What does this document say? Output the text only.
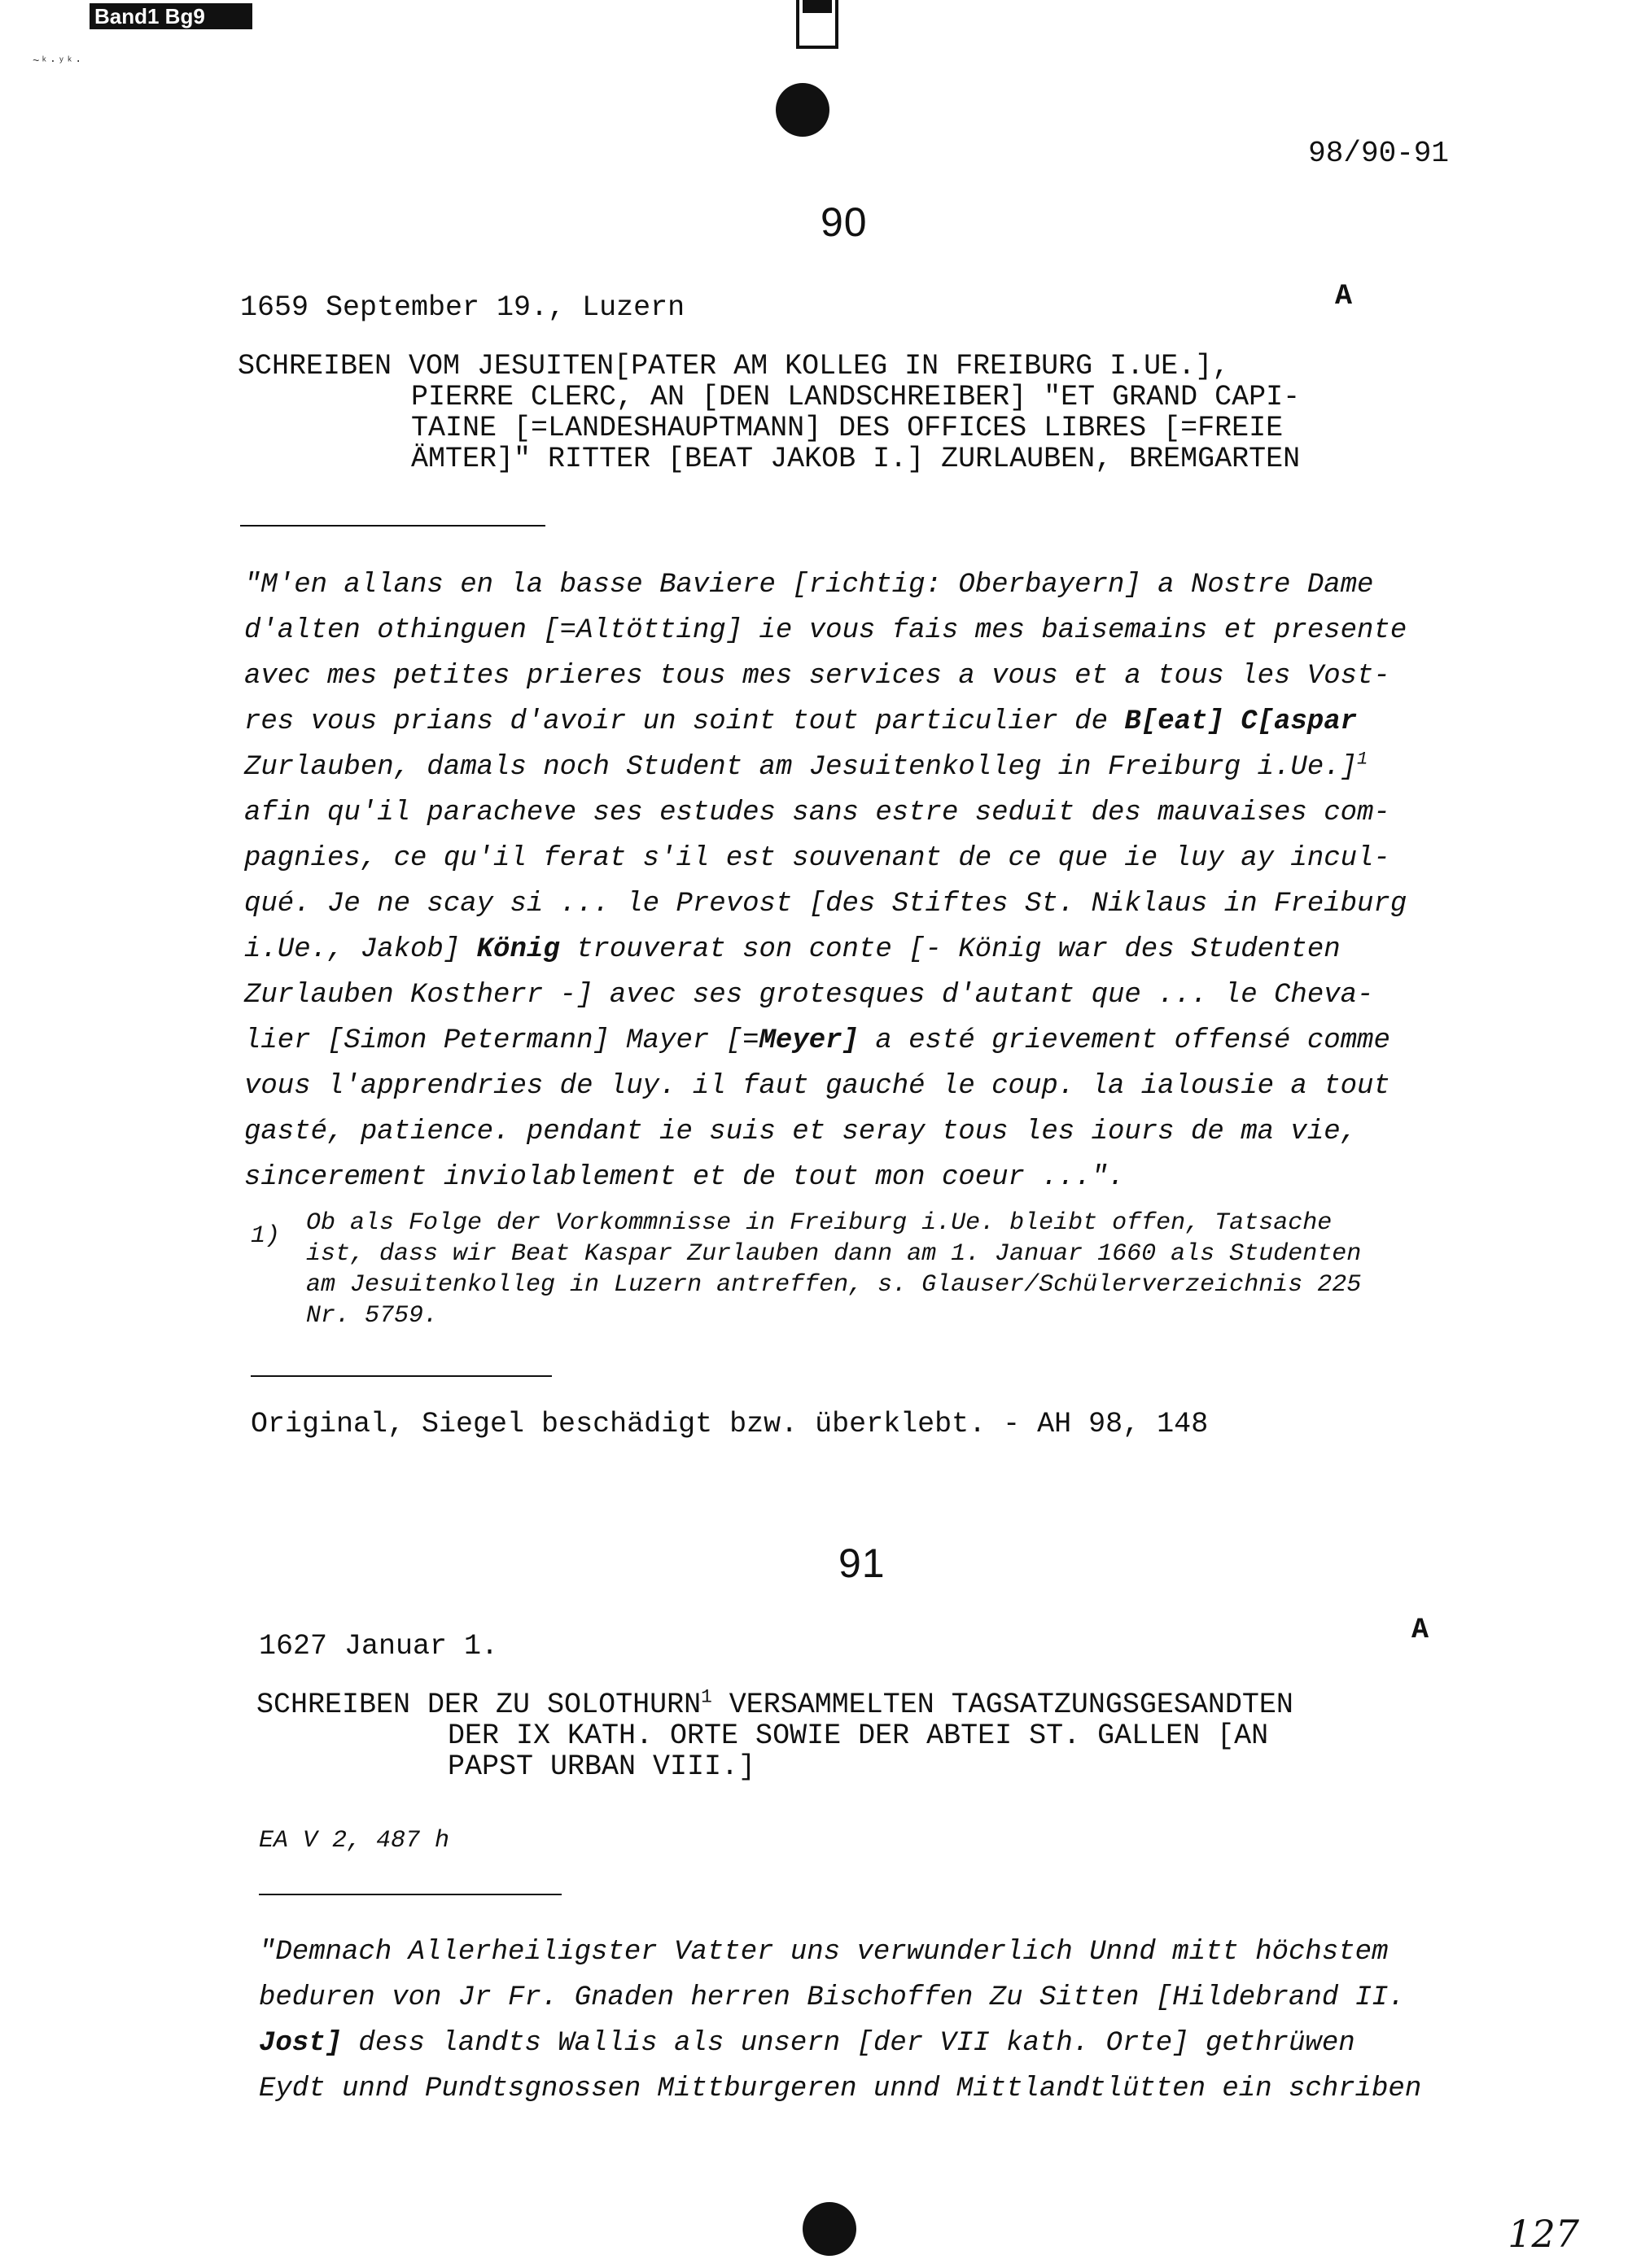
Band1 Bg9
~ᵏ·ʸᵏ·
98/90-91
90
1659 September 19., Luzern	A
SCHREIBEN VOM JESUITEN[PATER AM KOLLEG IN FREIBURG I.UE.],
PIERRE CLERC, AN [DEN LANDSCHREIBER] "ET GRAND CAPI-
TAINE [=LANDESHAUPTMANN] DES OFFICES LIBRES [=FREIE
ÄMTER]" RITTER [BEAT JAKOB I.] ZURLAUBEN, BREMGARTEN
"M'en allans en la basse Baviere [richtig: Oberbayern] a Nostre Dame
d'alten othinguen [=Altötting] ie vous fais mes baisemains et presente
avec mes petites prieres tous mes services a vous et a tous les Vost-
res vous prians d'avoir un soint tout particulier de B[eat] C[aspar
Zurlauben, damals noch Student am Jesuitenkolleg in Freiburg i.Ue.]$^1$
afin qu'il paracheve ses estudes sans estre seduit des mauvaises com-
pagnies, ce qu'il ferat s'il est souvenant de ce que ie luy ay incul-
qué. Je ne scay si ... le Prevost [des Stiftes St. Niklaus in Freiburg
i.Ue., Jakob] König trouverat son conte [- König war des Studenten
Zurlauben Kostherr -] avec ses grotesques d'autant que ... le Cheva-
lier [Simon Petermann] Mayer [=Meyer] a esté grievement offensé comme
vous l'apprendries de luy. il faut gauché le coup. la ialousie a tout
gasté, patience. pendant ie suis et seray tous les iours de ma vie,
sincerement inviolablement et de tout mon coeur ...".
1) Ob als Folge der Vorkommnisse in Freiburg i.Ue. bleibt offen, Tatsache
ist, dass wir Beat Kaspar Zurlauben dann am 1. Januar 1660 als Studenten
am Jesuitenkolleg in Luzern antreffen, s. Glauser/Schülerverzeichnis 225
Nr. 5759.
Original, Siegel beschädigt bzw. überklebt. - AH 98, 148
91
1627 Januar 1.	A
SCHREIBEN DER ZU SOLOTHURN$^1$ VERSAMMELTEN TAGSATZUNGSGESANDTEN
DER IX KATH. ORTE SOWIE DER ABTEI ST. GALLEN [AN
PAPST URBAN VIII.]
EA V 2, 487 h
"Demnach Allerheiligster Vatter uns verwunderlich Unnd mitt höchstem
beduren von Jr Fr. Gnaden herren Bischoffen Zu Sitten [Hildebrand II.
Jost] dess landts Wallis als unsern [der VII kath. Orte] gethrüwen
Eydt unnd Pundtsgnossen Mittburgeren unnd Mittlandtlütten ein schriben
127
